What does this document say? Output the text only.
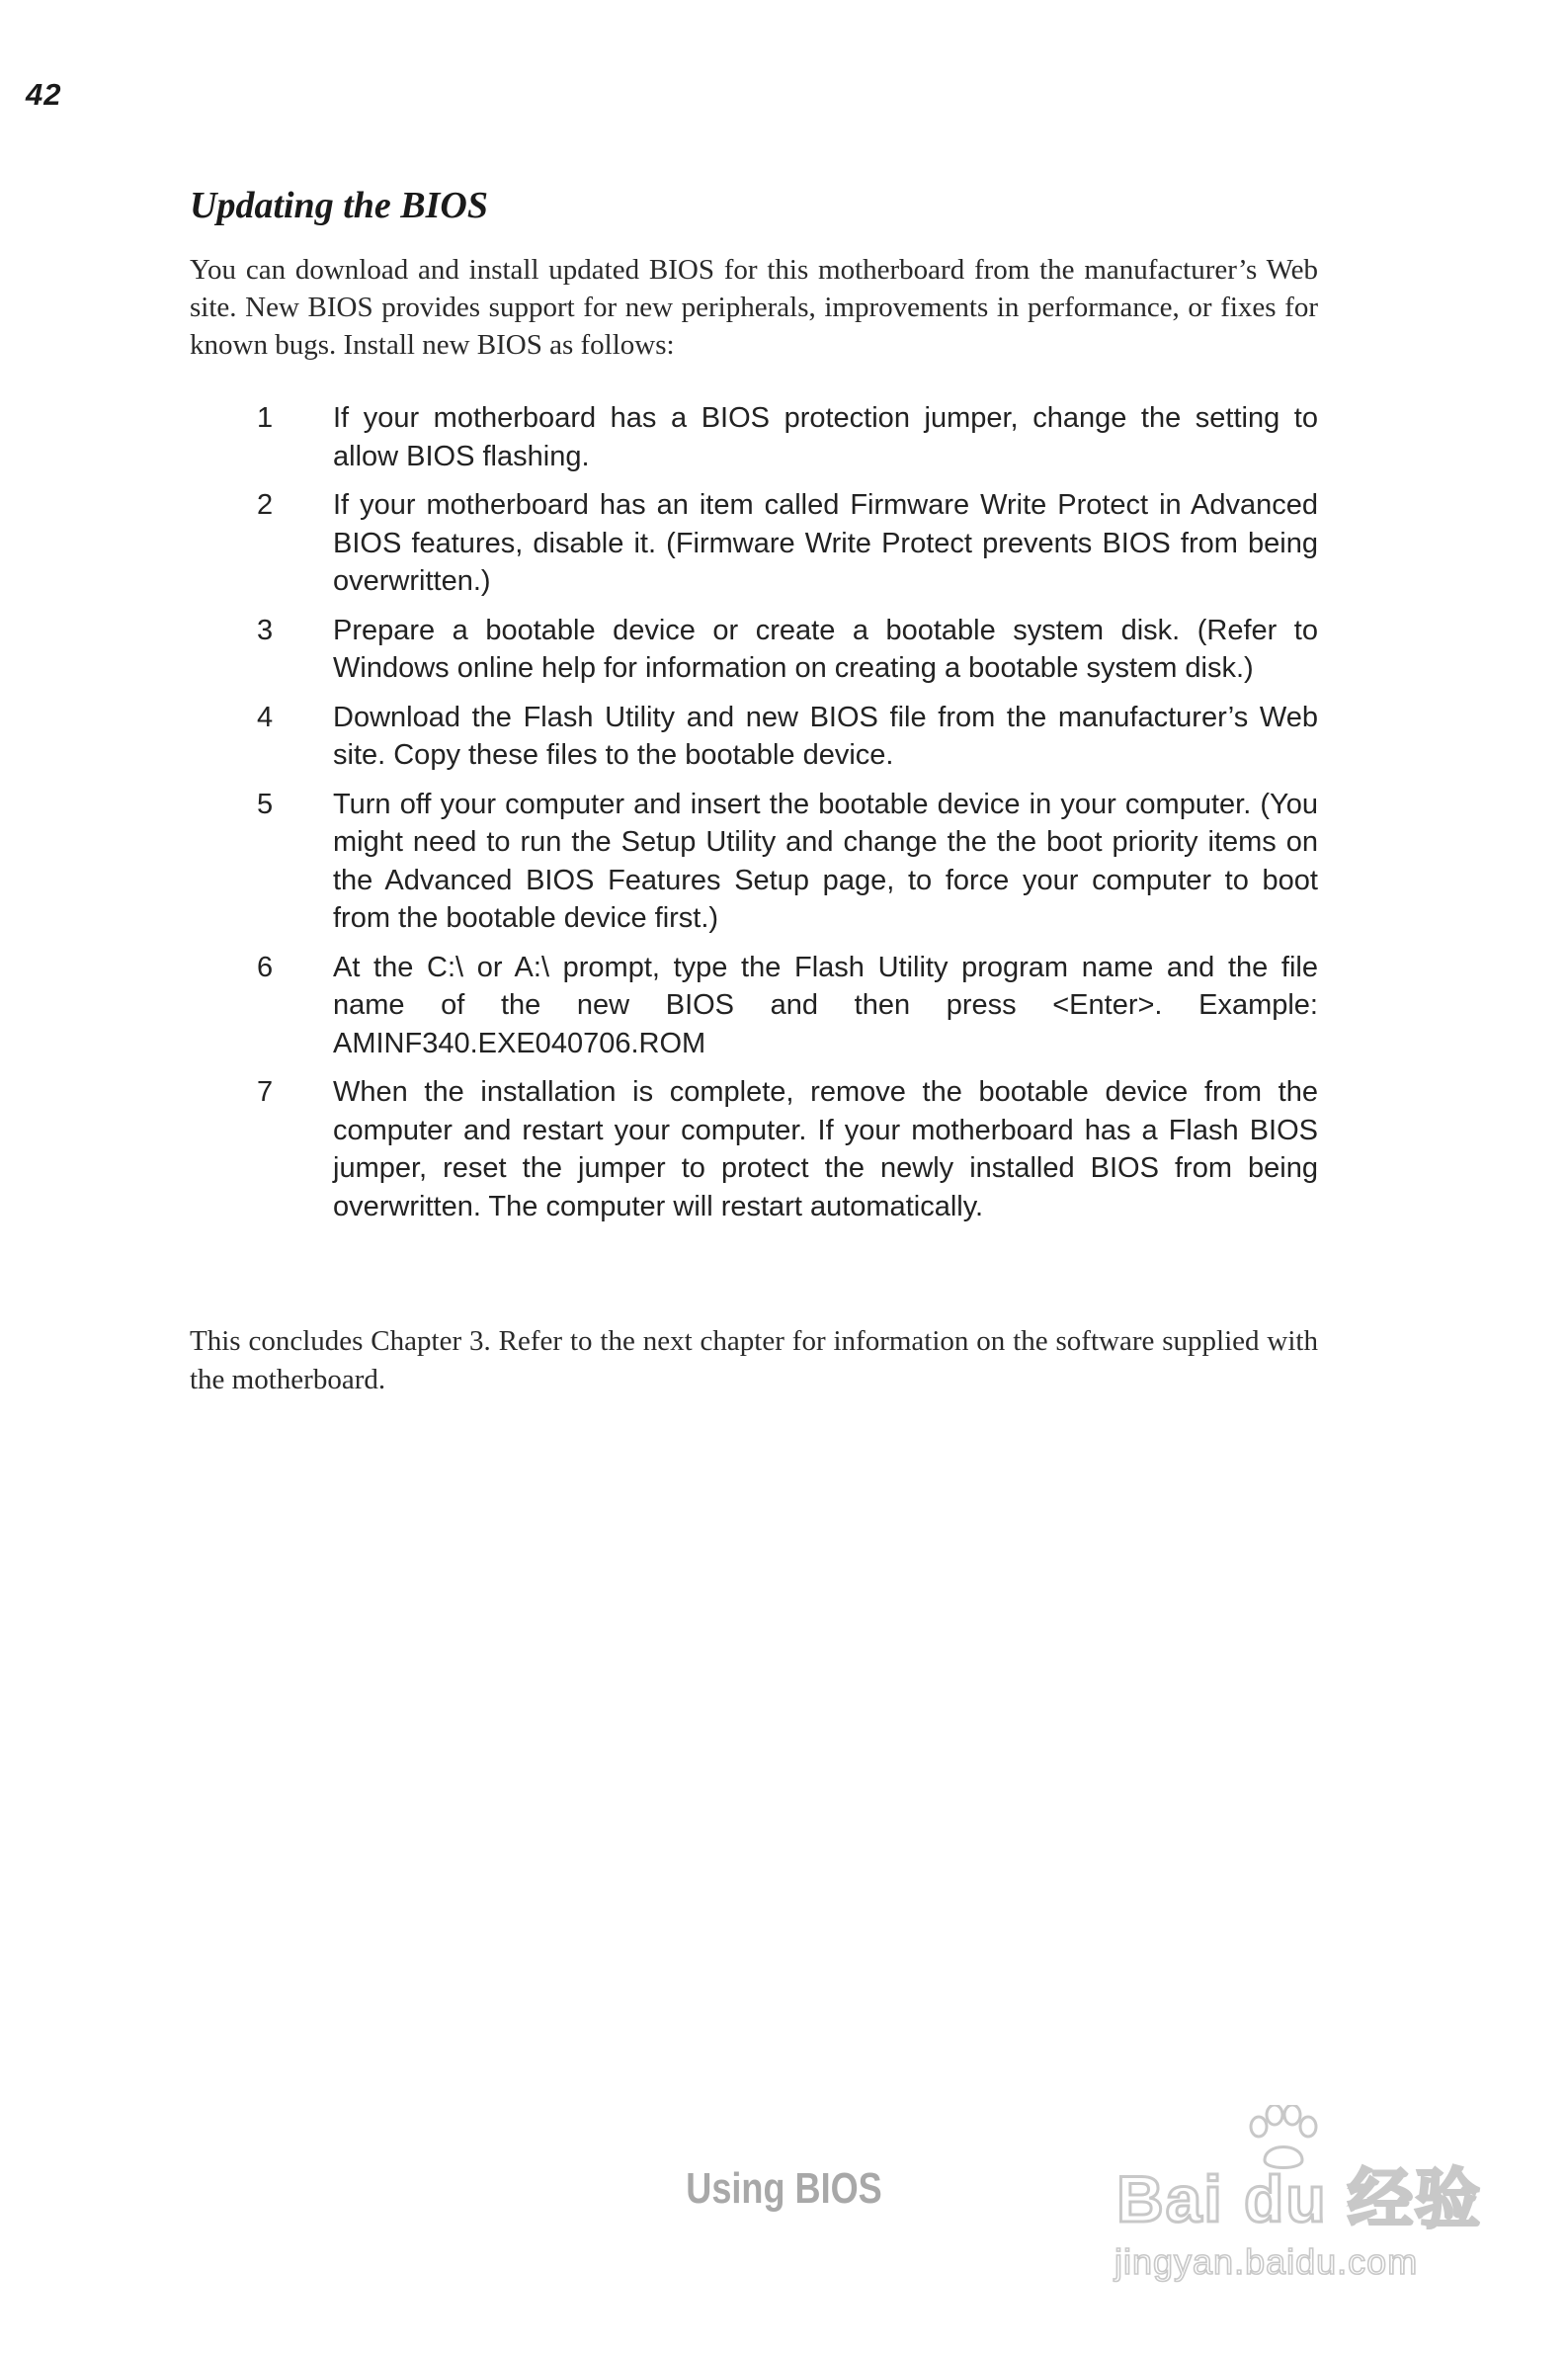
42
Updating the BIOS

You can download and install updated BIOS for this motherboard from the manufacturer’s Web site. New BIOS provides support for new peripherals, improvements in performance, or fixes for known bugs. Install new BIOS as follows:

1 If your motherboard has a BIOS protection jumper, change the setting to allow BIOS flashing.
2 If your motherboard has an item called Firmware Write Protect in Advanced BIOS features, disable it. (Firmware Write Protect prevents BIOS from being overwritten.)
3 Prepare a bootable device or create a bootable system disk. (Refer to Windows online help for information on creating a bootable system disk.)
4 Download the Flash Utility and new BIOS file from the manufacturer’s Web site. Copy these files to the bootable device.
5 Turn off your computer and insert the bootable device in your computer. (You might need to run the Setup Utility and change the the boot priority items on the Advanced BIOS Features Setup page, to force your computer to boot from the bootable device first.)
6 At the C:\ or A:\ prompt, type the Flash Utility program name and the file name of the new BIOS and then press <Enter>. Example: AMINF340.EXE040706.ROM
7 When the installation is complete, remove the bootable device from the computer and restart your computer. If your motherboard has a Flash BIOS jumper, reset the jumper to protect the newly installed BIOS from being overwritten. The computer will restart automatically.

This concludes Chapter 3. Refer to the next chapter for information on the software supplied with the motherboard.

Using BIOS	Bai du 经验
jingyan.baidu.com
